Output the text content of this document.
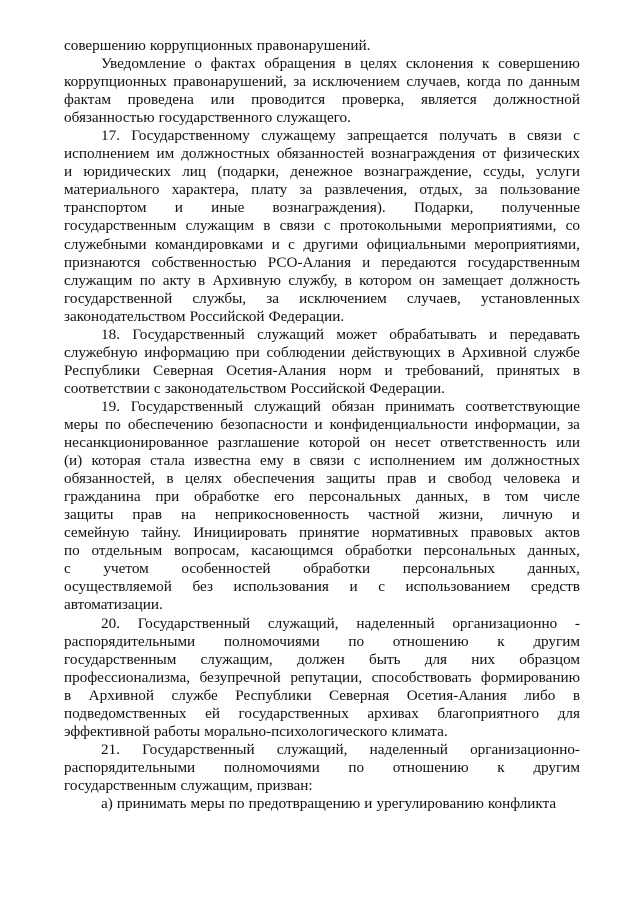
совершению коррупционных правонарушений.
Уведомление о фактах обращения в целях склонения к совершению
коррупционных правонарушений, за исключением случаев, когда по данным
фактам проведена или проводится проверка, является должностной
обязанностью государственного служащего.
17. Государственному служащему запрещается получать в связи с
исполнением им должностных обязанностей вознаграждения от физических
и юридических лиц (подарки, денежное вознаграждение, ссуды, услуги
материального характера, плату за развлечения, отдых, за пользование
транспортом и иные вознаграждения). Подарки, полученные
государственным служащим в связи с протокольными мероприятиями, со
служебными командировками и с другими официальными мероприятиями,
признаются собственностью РСО-Алания и передаются государственным
служащим по акту в Архивную службу, в котором он замещает должность
государственной службы, за исключением случаев, установленных
законодательством Российской Федерации.
18. Государственный служащий может обрабатывать и передавать
служебную информацию при соблюдении действующих в Архивной службе
Республики Северная Осетия-Алания норм и требований, принятых в
соответствии с законодательством Российской Федерации.
19. Государственный служащий обязан принимать соответствующие
меры по обеспечению безопасности и конфиденциальности информации, за
несанкционированное разглашение которой он несет ответственность или
(и) которая стала известна ему в связи с исполнением им должностных
обязанностей, в целях обеспечения защиты прав и свобод человека и
гражданина при обработке его персональных данных, в том числе
защиты прав на неприкосновенность частной жизни, личную и
семейную тайну. Инициировать принятие нормативных правовых актов
по отдельным вопросам, касающимся обработки персональных данных,
с учетом особенностей обработки персональных данных,
осуществляемой без использования и с использованием средств
автоматизации.
20. Государственный служащий, наделенный организационно -
распорядительными полномочиями по отношению к другим
государственным служащим, должен быть для них образцом
профессионализма, безупречной репутации, способствовать формированию
в Архивной службе Республики Северная Осетия-Алания либо в
подведомственных ей государственных архивах благоприятного для
эффективной работы морально-психологического климата.
21. Государственный служащий, наделенный организационно-
распорядительными полномочиями по отношению к другим
государственным служащим, призван:
а) принимать меры по предотвращению и урегулированию конфликта
